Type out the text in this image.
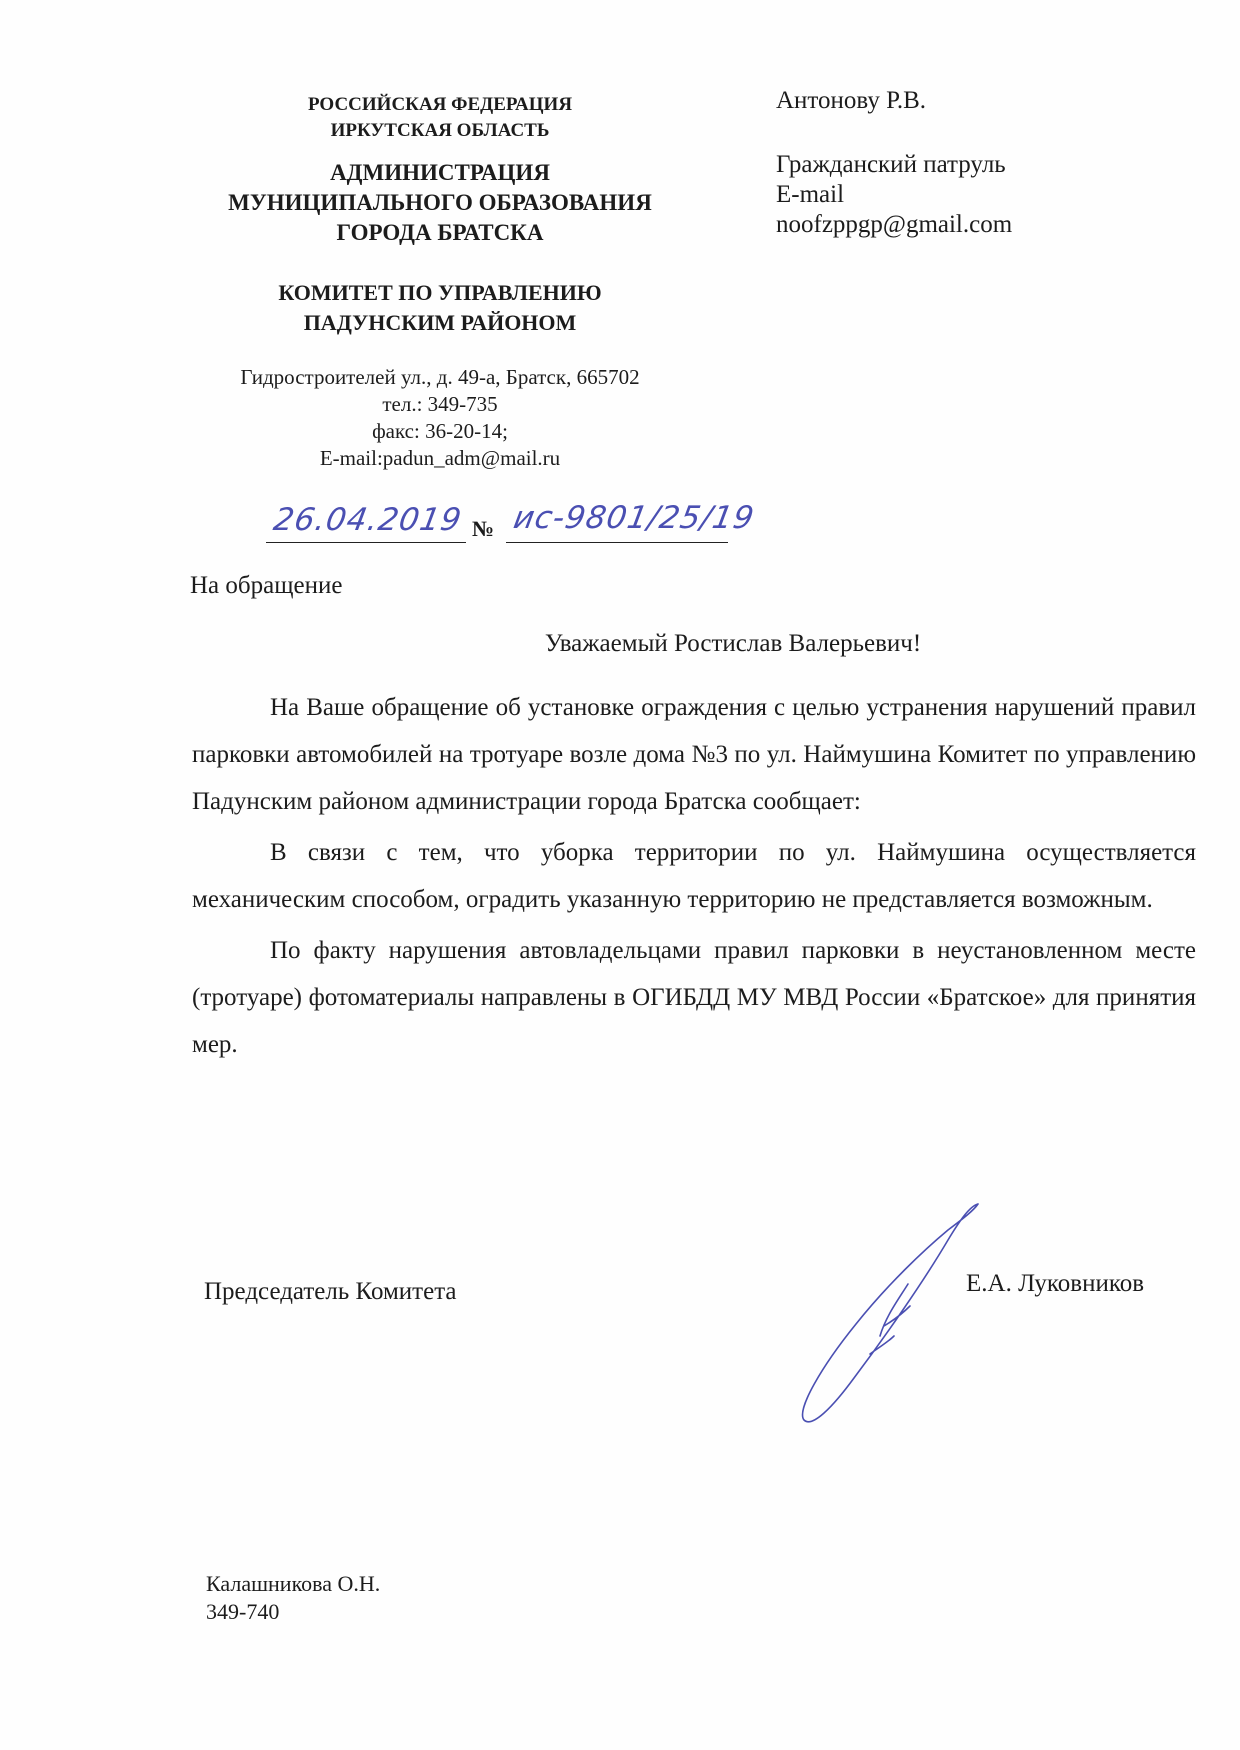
РОССИЙСКАЯ ФЕДЕРАЦИЯ
ИРКУТСКАЯ ОБЛАСТЬ
АДМИНИСТРАЦИЯ
МУНИЦИПАЛЬНОГО ОБРАЗОВАНИЯ
ГОРОДА БРАТСКА
КОМИТЕТ ПО УПРАВЛЕНИЮ
ПАДУНСКИМ РАЙОНОМ
Гидростроителей ул., д. 49-а, Братск, 665702
тел.: 349-735
факс: 36-20-14;
E-mail:padun_adm@mail.ru
Антонову Р.В.
Гражданский патруль
E-mail
noofzppgp@gmail.com
26.04.2019 № ис-9801/25/19
На обращение
Уважаемый Ростислав Валерьевич!

На Ваше обращение об установке ограждения с целью устранения нарушений правил парковки автомобилей на тротуаре возле дома №3 по ул. Наймушина Комитет по управлению Падунским районом администрации города Братска сообщает:

В связи с тем, что уборка территории по ул. Наймушина осуществляется механическим способом, оградить указанную территорию не представляется возможным.

По факту нарушения автовладельцами правил парковки в неустановленном месте (тротуаре) фотоматериалы направлены в ОГИБДД МУ МВД России «Братское» для принятия мер.

Председатель Комитета	Е.А. Луковников
Калашникова О.Н.
349-740
